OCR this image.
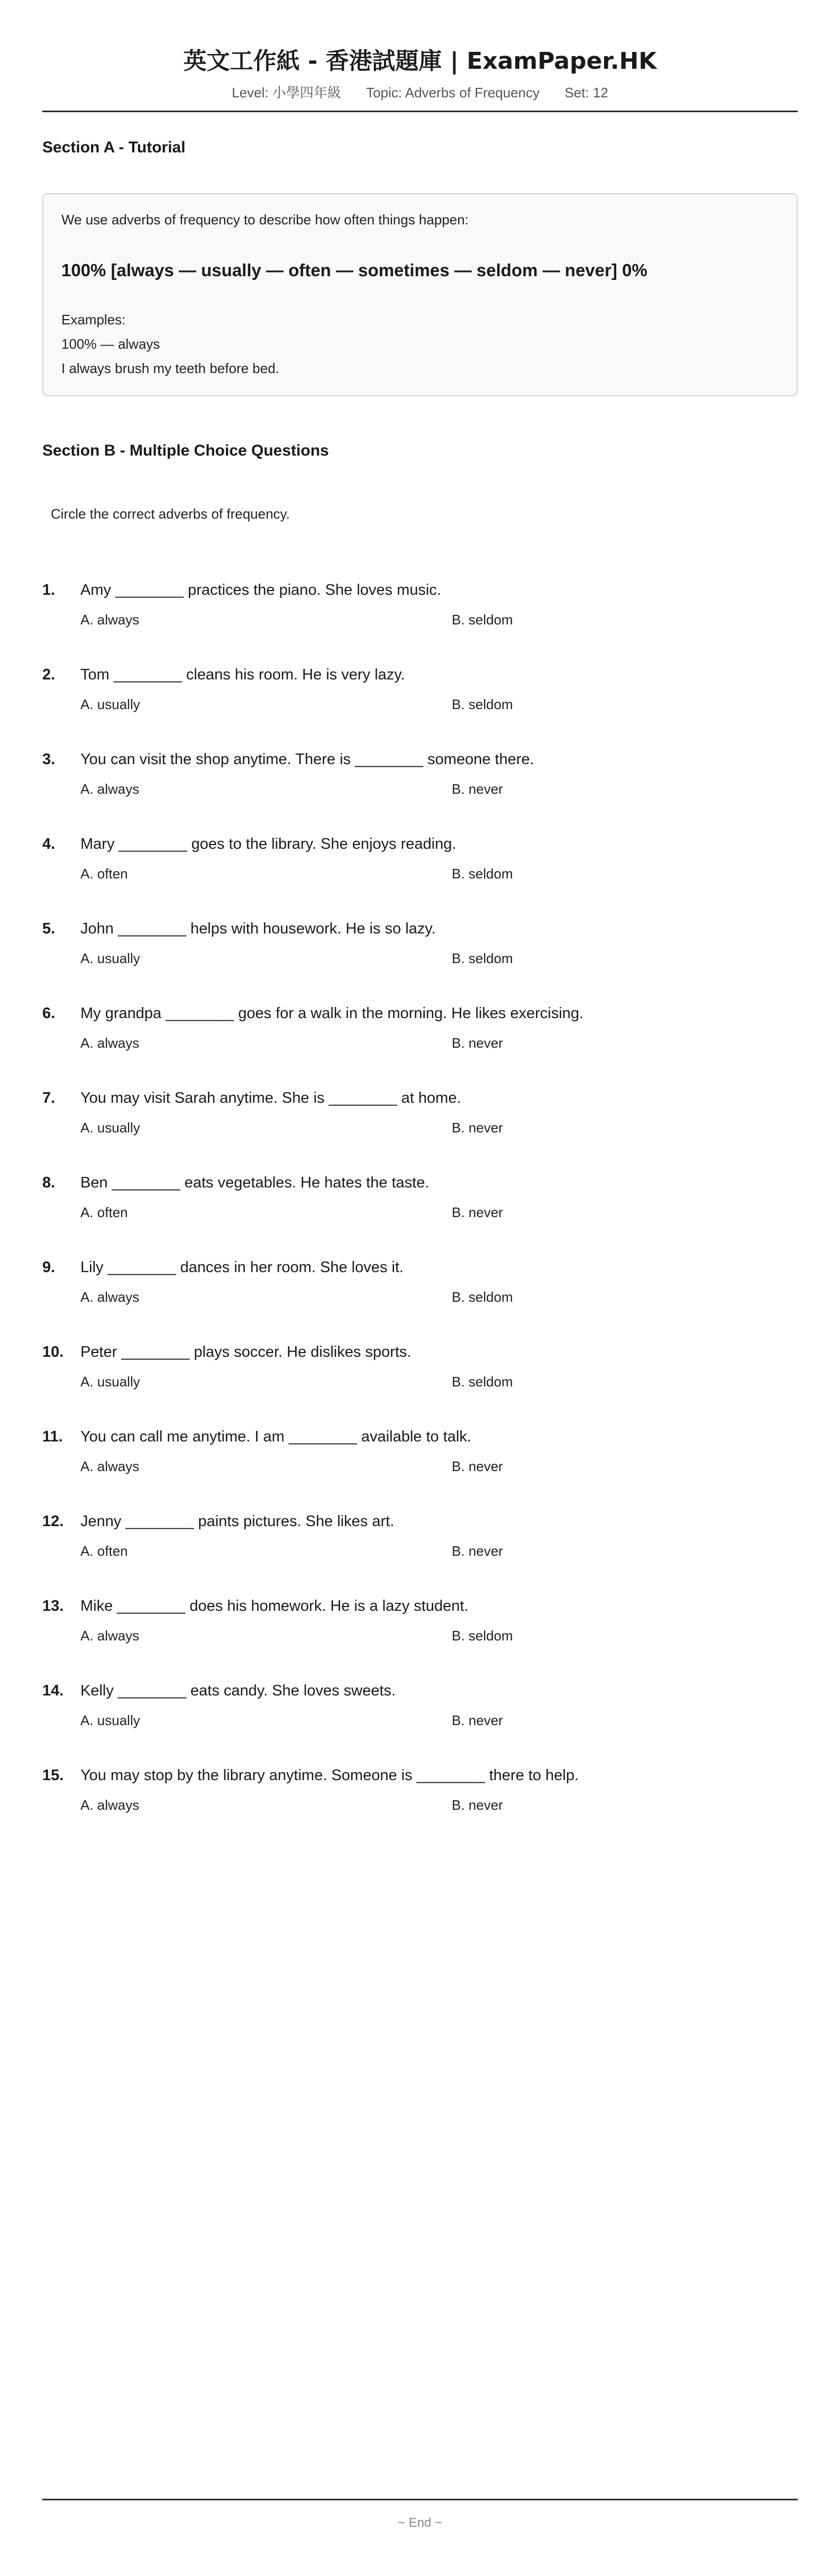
英文工作紙 - 香港試題庫 | ExamPaper.HK
Level: 小學四年級 Topic: Adverbs of Frequency Set: 12
Section A - Tutorial
We use adverbs of frequency to describe how often things happen:
100% [always — usually — often — sometimes — seldom — never] 0%
Examples:
100% — always
I always brush my teeth before bed.
Section B - Multiple Choice Questions
Circle the correct adverbs of frequency.
1. Amy ________ practices the piano. She loves music.
A. always	B. seldom
2. Tom ________ cleans his room. He is very lazy.
A. usually	B. seldom
3. You can visit the shop anytime. There is ________ someone there.
A. always	B. never
4. Mary ________ goes to the library. She enjoys reading.
A. often	B. seldom
5. John ________ helps with housework. He is so lazy.
A. usually	B. seldom
6. My grandpa ________ goes for a walk in the morning. He likes exercising.
A. always	B. never
7. You may visit Sarah anytime. She is ________ at home.
A. usually	B. never
8. Ben ________ eats vegetables. He hates the taste.
A. often	B. never
9. Lily ________ dances in her room. She loves it.
A. always	B. seldom
10. Peter ________ plays soccer. He dislikes sports.
A. usually	B. seldom
11. You can call me anytime. I am ________ available to talk.
A. always	B. never
12. Jenny ________ paints pictures. She likes art.
A. often	B. never
13. Mike ________ does his homework. He is a lazy student.
A. always	B. seldom
14. Kelly ________ eats candy. She loves sweets.
A. usually	B. never
15. You may stop by the library anytime. Someone is ________ there to help.
A. always	B. never
~ End ~
